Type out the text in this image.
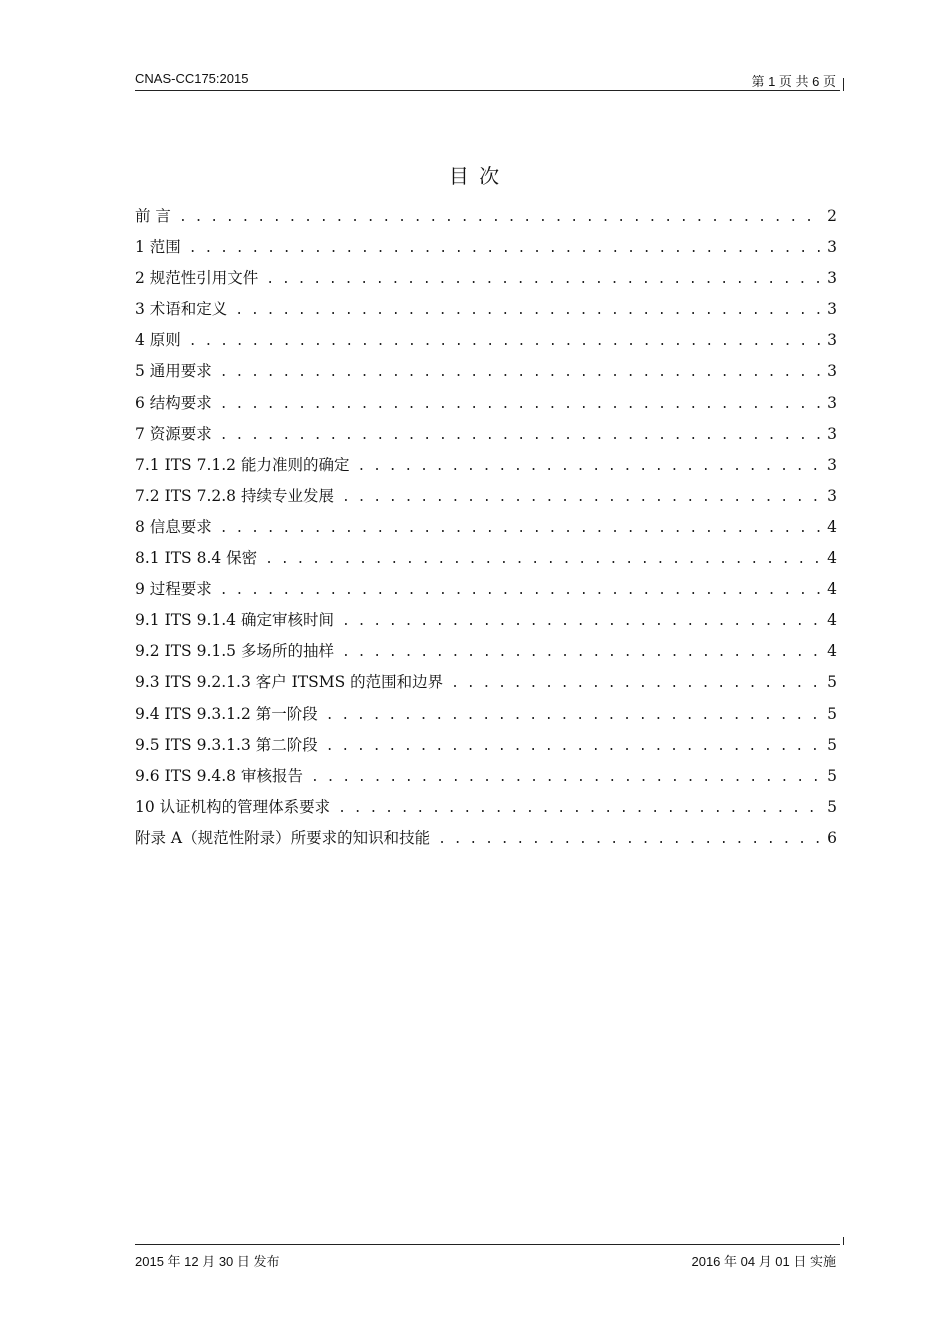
CNAS-CC175:2015	第 1 页 共 6 页
目 次
前 言 . . .	2
1 范围 . . .	3
2 规范性引用文件 . . .	3
3 术语和定义 . . .	3
4 原则 . . .	3
5 通用要求 . . .	3
6 结构要求 . . .	3
7 资源要求 . . .	3
7.1 ITS 7.1.2 能力准则的确定 . . .	3
7.2 ITS 7.2.8 持续专业发展 . . .	3
8 信息要求 . . .	4
8.1 ITS 8.4 保密 . . .	4
9 过程要求 . . .	4
9.1 ITS 9.1.4 确定审核时间 . . .	4
9.2 ITS 9.1.5 多场所的抽样 . . .	4
9.3 ITS 9.2.1.3 客户 ITSMS 的范围和边界 . . .	5
9.4 ITS 9.3.1.2 第一阶段 . . .	5
9.5 ITS 9.3.1.3 第二阶段 . . .	5
9.6 ITS 9.4.8 审核报告 . . .	5
10 认证机构的管理体系要求 . . .	5
附录 A（规范性附录）所要求的知识和技能 . . .	6
2015 年 12 月 30 日 发布	2016 年 04 月 01 日 实施
